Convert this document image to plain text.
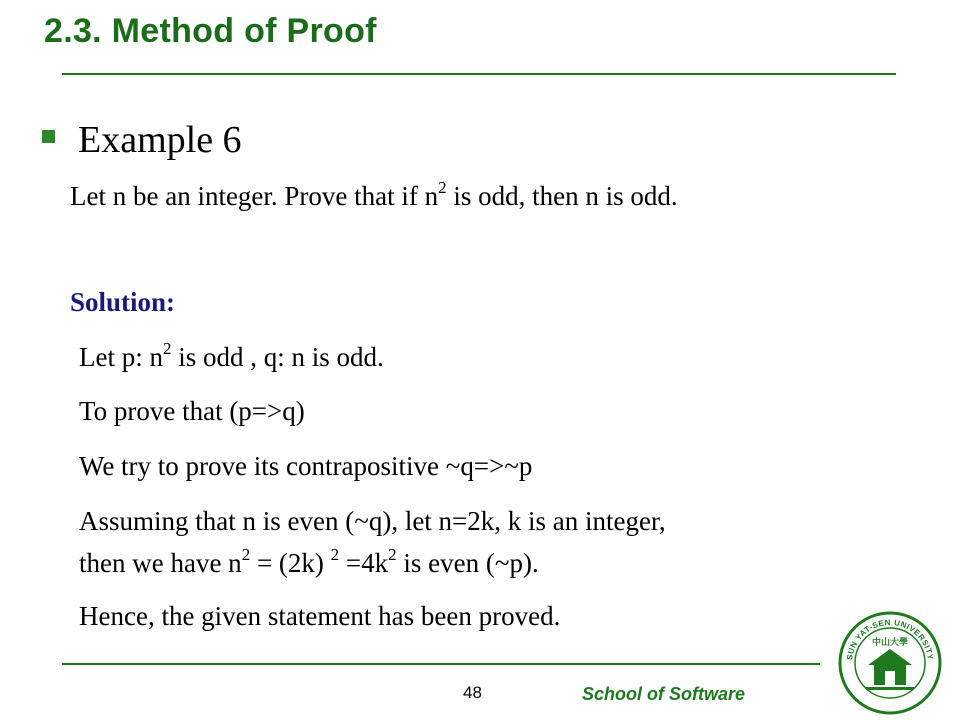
2.3. Method of Proof
Example 6
Let n be an integer. Prove that if $n^2$ is odd, then n is odd.
Solution:
Let p: $n^2$ is odd , q: n is odd.
To prove that (p=>q)
We try to prove its contrapositive ~q=>~p
Assuming that n is even (~q), let n=2k, k is an integer,
then we have $n^2 = (2k)$ $^2 =4k^2$ is even (~p).
Hence, the given statement has been proved.
48	School of Software
SUN YAT-SEN UNIVERSITY
中山大學
